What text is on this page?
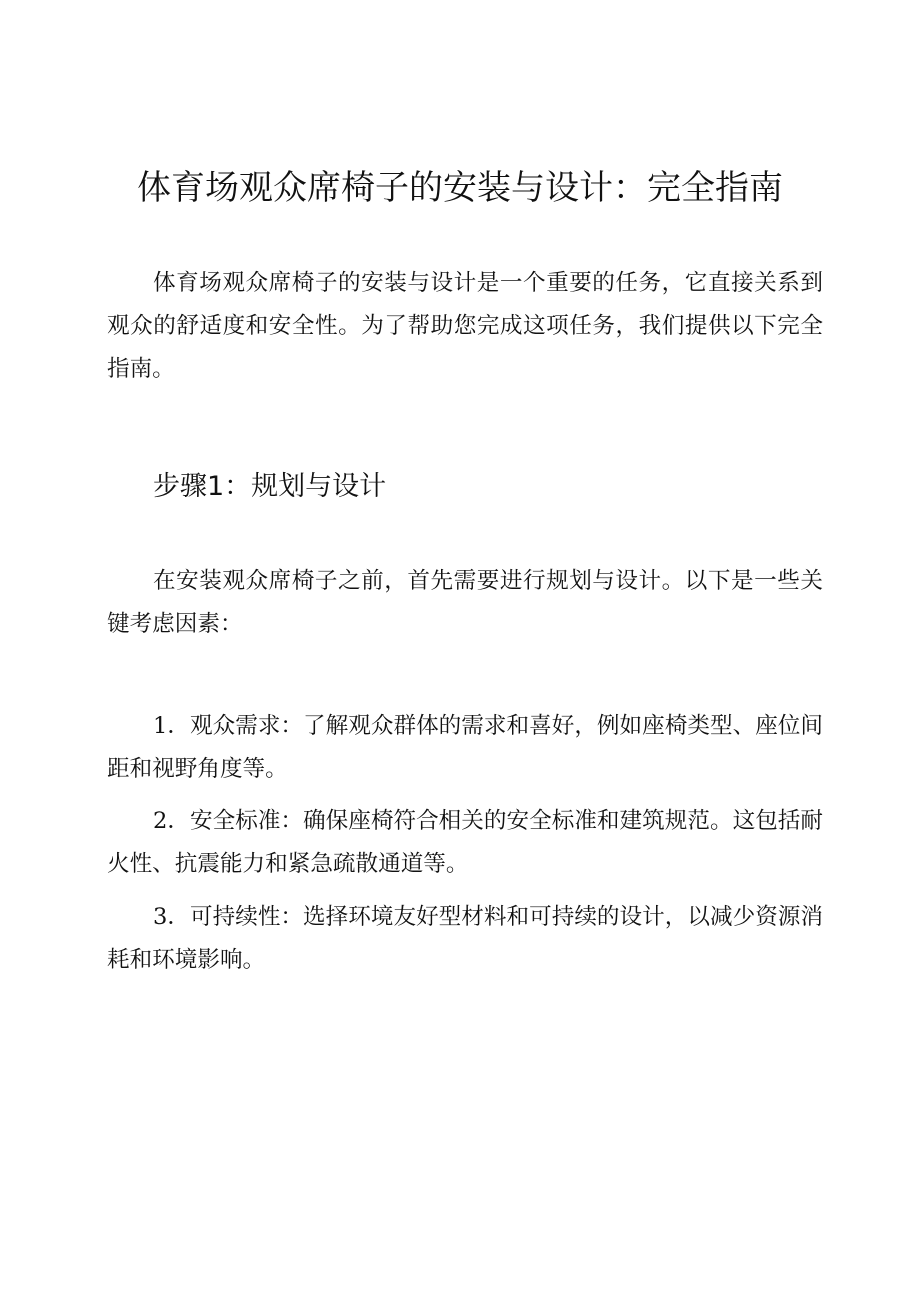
体育场观众席椅子的安装与设计：完全指南

体育场观众席椅子的安装与设计是一个重要的任务，它直接关系到观众的舒适度和安全性。为了帮助您完成这项任务，我们提供以下完全指南。

步骤1：规划与设计

在安装观众席椅子之前，首先需要进行规划与设计。以下是一些关键考虑因素：

1．观众需求：了解观众群体的需求和喜好，例如座椅类型、座位间距和视野角度等。

2．安全标准：确保座椅符合相关的安全标准和建筑规范。这包括耐火性、抗震能力和紧急疏散通道等。

3．可持续性：选择环境友好型材料和可持续的设计，以减少资源消耗和环境影响。
